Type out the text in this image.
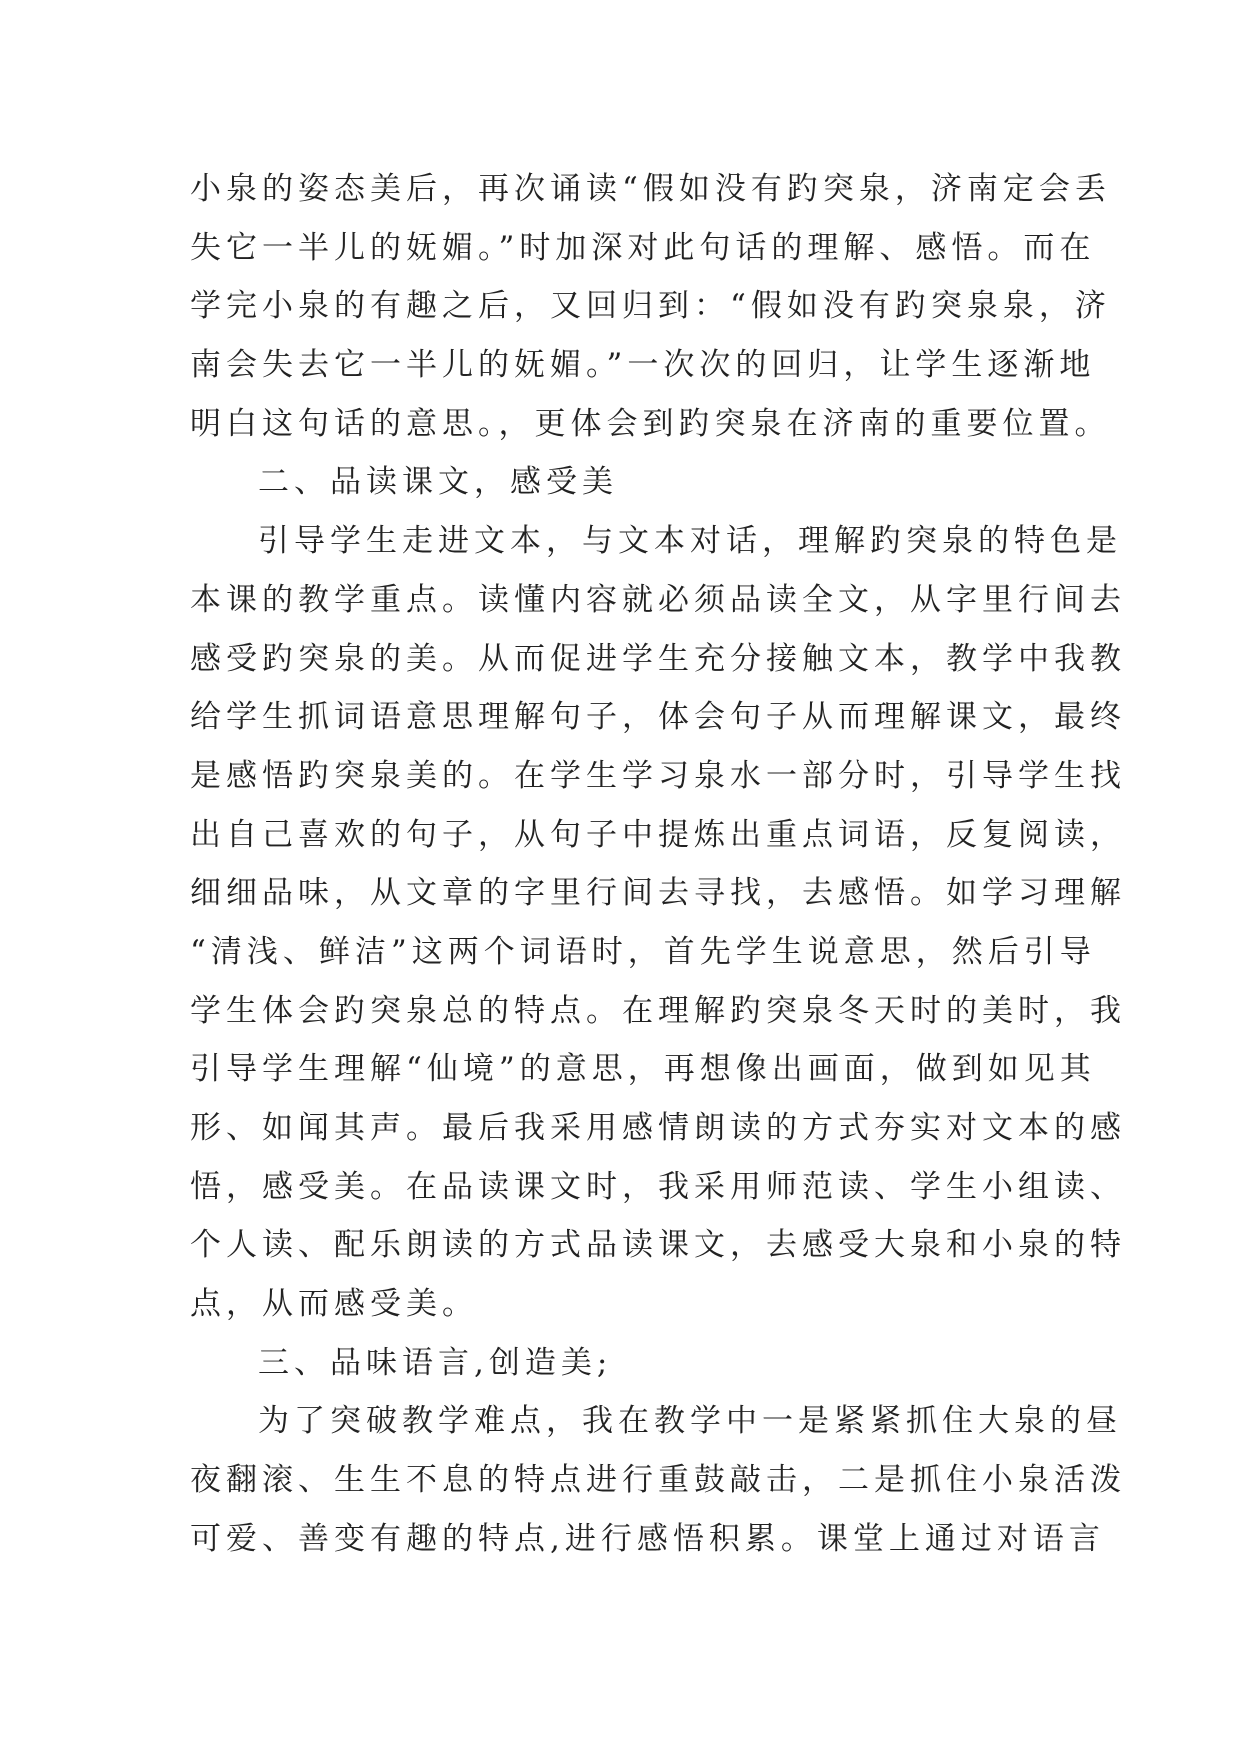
小泉的姿态美后，再次诵读“假如没有趵突泉，济南定会丢
失它一半儿的妩媚。”时加深对此句话的理解、感悟。而在
学完小泉的有趣之后，又回归到：“假如没有趵突泉泉，济
南会失去它一半儿的妩媚。”一次次的回归，让学生逐渐地
明白这句话的意思。，更体会到趵突泉在济南的重要位置。
二、品读课文，感受美
引导学生走进文本，与文本对话，理解趵突泉的特色是
本课的教学重点。读懂内容就必须品读全文，从字里行间去
感受趵突泉的美。从而促进学生充分接触文本，教学中我教
给学生抓词语意思理解句子，体会句子从而理解课文，最终
是感悟趵突泉美的。在学生学习泉水一部分时，引导学生找
出自己喜欢的句子，从句子中提炼出重点词语，反复阅读，
细细品味，从文章的字里行间去寻找，去感悟。如学习理解
“清浅、鲜洁”这两个词语时，首先学生说意思，然后引导
学生体会趵突泉总的特点。在理解趵突泉冬天时的美时，我
引导学生理解“仙境”的意思，再想像出画面，做到如见其
形、如闻其声。最后我采用感情朗读的方式夯实对文本的感
悟，感受美。在品读课文时，我采用师范读、学生小组读、
个人读、配乐朗读的方式品读课文，去感受大泉和小泉的特
点，从而感受美。
三、品味语言,创造美;
为了突破教学难点，我在教学中一是紧紧抓住大泉的昼
夜翻滚、生生不息的特点进行重鼓敲击，二是抓住小泉活泼
可爱、善变有趣的特点,进行感悟积累。课堂上通过对语言
